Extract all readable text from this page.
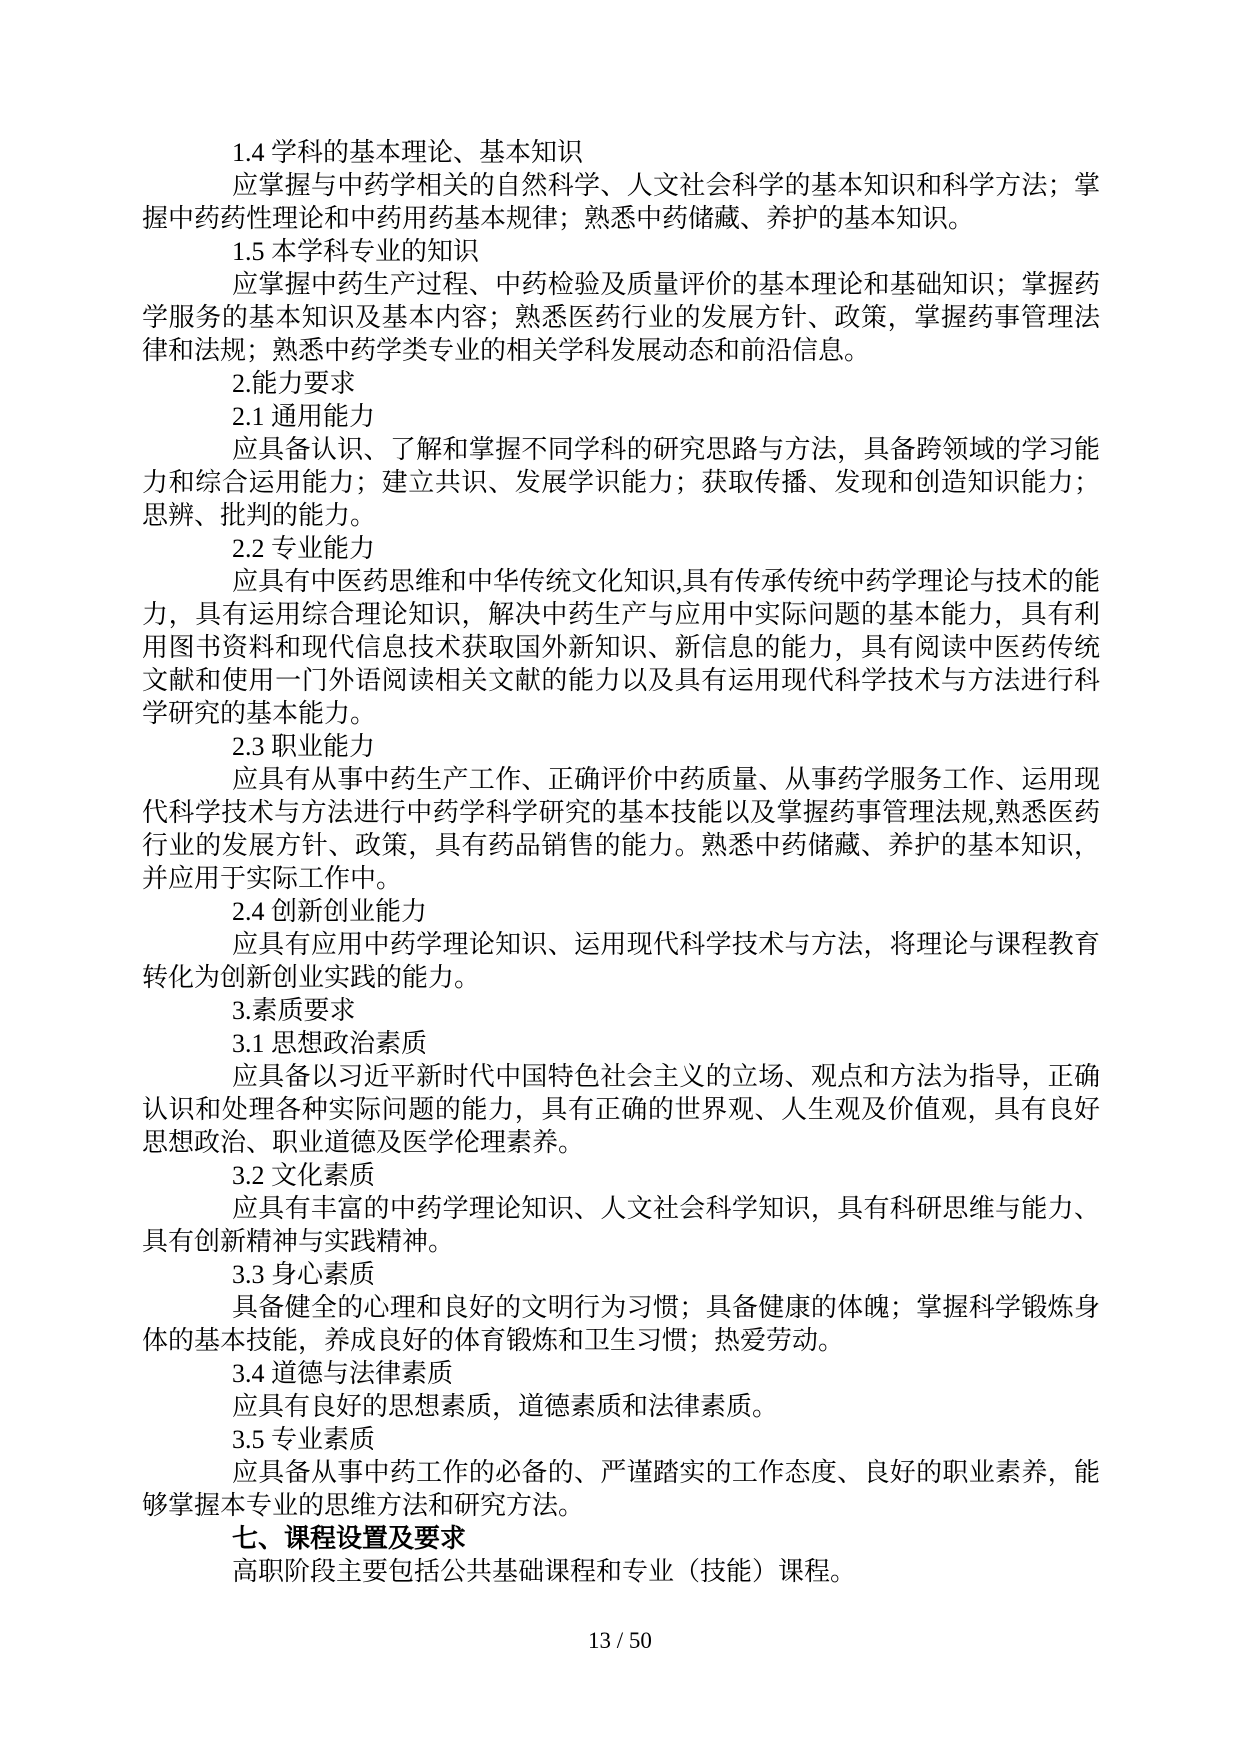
1.4 学科的基本理论、基本知识

应掌握与中药学相关的自然科学、人文社会科学的基本知识和科学方法；掌握中药药性理论和中药用药基本规律；熟悉中药储藏、养护的基本知识。

1.5 本学科专业的知识

应掌握中药生产过程、中药检验及质量评价的基本理论和基础知识；掌握药学服务的基本知识及基本内容；熟悉医药行业的发展方针、政策，掌握药事管理法律和法规；熟悉中药学类专业的相关学科发展动态和前沿信息。

2.能力要求

2.1 通用能力

应具备认识、了解和掌握不同学科的研究思路与方法，具备跨领域的学习能力和综合运用能力；建立共识、发展学识能力；获取传播、发现和创造知识能力；思辨、批判的能力。

2.2 专业能力

应具有中医药思维和中华传统文化知识,具有传承传统中药学理论与技术的能力，具有运用综合理论知识，解决中药生产与应用中实际问题的基本能力，具有利用图书资料和现代信息技术获取国外新知识、新信息的能力，具有阅读中医药传统文献和使用一门外语阅读相关文献的能力以及具有运用现代科学技术与方法进行科学研究的基本能力。

2.3 职业能力

应具有从事中药生产工作、正确评价中药质量、从事药学服务工作、运用现代科学技术与方法进行中药学科学研究的基本技能以及掌握药事管理法规,熟悉医药行业的发展方针、政策，具有药品销售的能力。熟悉中药储藏、养护的基本知识，并应用于实际工作中。

2.4 创新创业能力

应具有应用中药学理论知识、运用现代科学技术与方法，将理论与课程教育转化为创新创业实践的能力。

3.素质要求

3.1 思想政治素质

应具备以习近平新时代中国特色社会主义的立场、观点和方法为指导，正确认识和处理各种实际问题的能力，具有正确的世界观、人生观及价值观，具有良好思想政治、职业道德及医学伦理素养。

3.2 文化素质

应具有丰富的中药学理论知识、人文社会科学知识，具有科研思维与能力、具有创新精神与实践精神。

3.3 身心素质

具备健全的心理和良好的文明行为习惯；具备健康的体魄；掌握科学锻炼身体的基本技能，养成良好的体育锻炼和卫生习惯；热爱劳动。

3.4 道德与法律素质

应具有良好的思想素质，道德素质和法律素质。

3.5 专业素质

应具备从事中药工作的必备的、严谨踏实的工作态度、良好的职业素养，能够掌握本专业的思维方法和研究方法。

七、课程设置及要求

高职阶段主要包括公共基础课程和专业（技能）课程。

13 / 50
